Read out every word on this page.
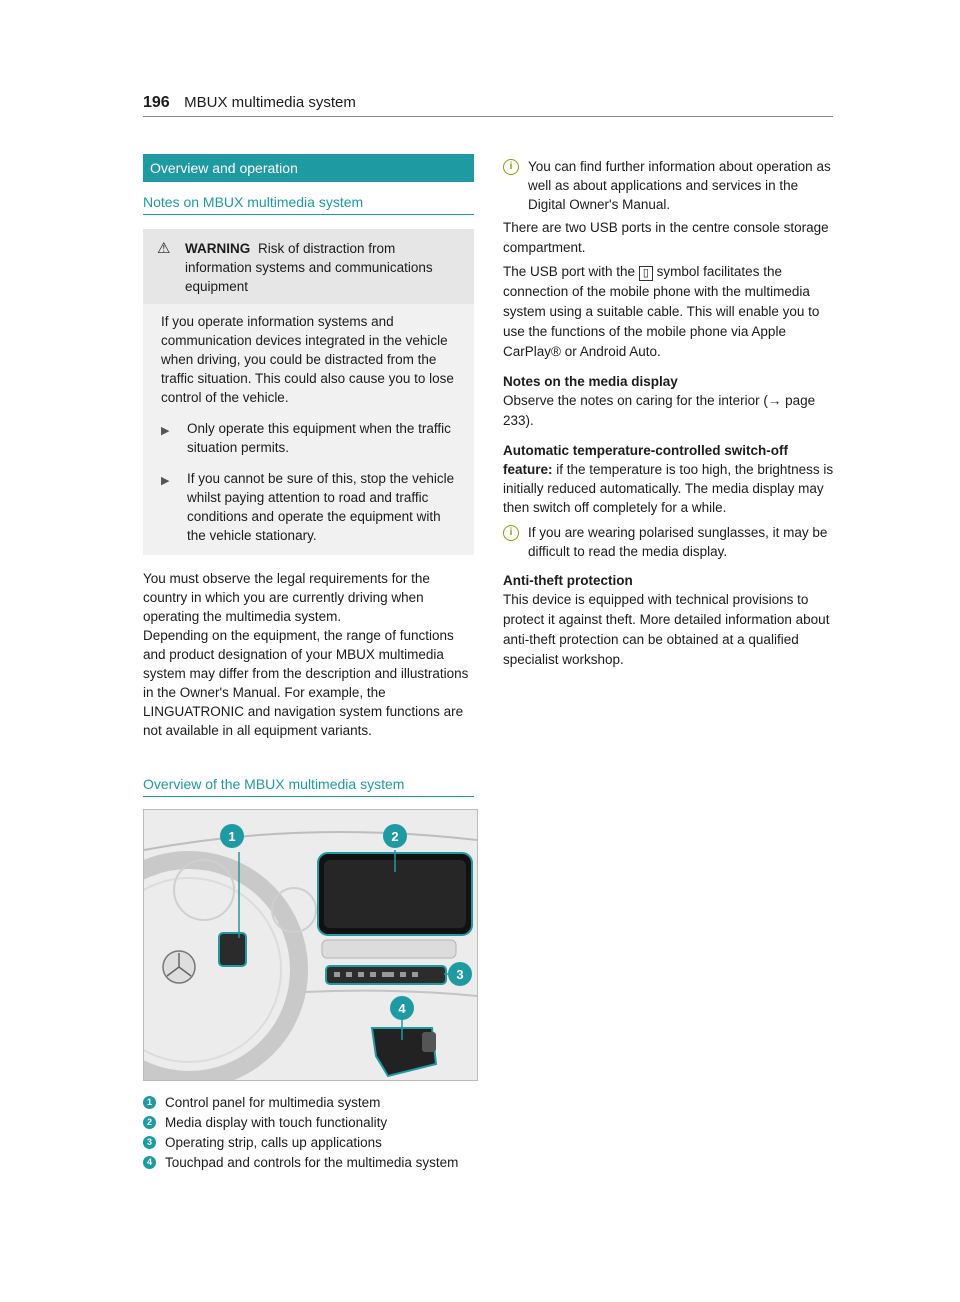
196 MBUX multimedia system
Overview and operation
Notes on MBUX multimedia system
⚠	WARNING Risk of distraction from information systems and communications equipment
If you operate information systems and communication devices integrated in the vehicle when driving, you could be distracted from the traffic situation. This could also cause you to lose control of the vehicle.
▶	Only operate this equipment when the traffic situation permits.
▶	If you cannot be sure of this, stop the vehicle whilst paying attention to road and traffic conditions and operate the equipment with the vehicle stationary.

You must observe the legal requirements for the country in which you are currently driving when operating the multimedia system.
Depending on the equipment, the range of functions and product designation of your MBUX multimedia system may differ from the description and illustrations in the Owner's Manual. For example, the LINGUATRONIC and navigation system functions are not available in all equipment variants.

Overview of the MBUX multimedia system
1	2
3
4
1 Control panel for multimedia system
2 Media display with touch functionality
3 Operating strip, calls up applications
4 Touchpad and controls for the multimedia system
i	You can find further information about operation as well as about applications and services in the Digital Owner's Manual.

There are two USB ports in the centre console storage compartment.

The USB port with the ▯ symbol facilitates the connection of the mobile phone with the multimedia system using a suitable cable. This will enable you to use the functions of the mobile phone via Apple CarPlay® or Android Auto.

Notes on the media display

Observe the notes on caring for the interior (→ page 233).

Automatic temperature-controlled switch-off feature: if the temperature is too high, the brightness is initially reduced automatically. The media display may then switch off completely for a while.
i	If you are wearing polarised sunglasses, it may be difficult to read the media display.
Anti-theft protection

This device is equipped with technical provisions to protect it against theft. More detailed information about anti-theft protection can be obtained at a qualified specialist workshop.
